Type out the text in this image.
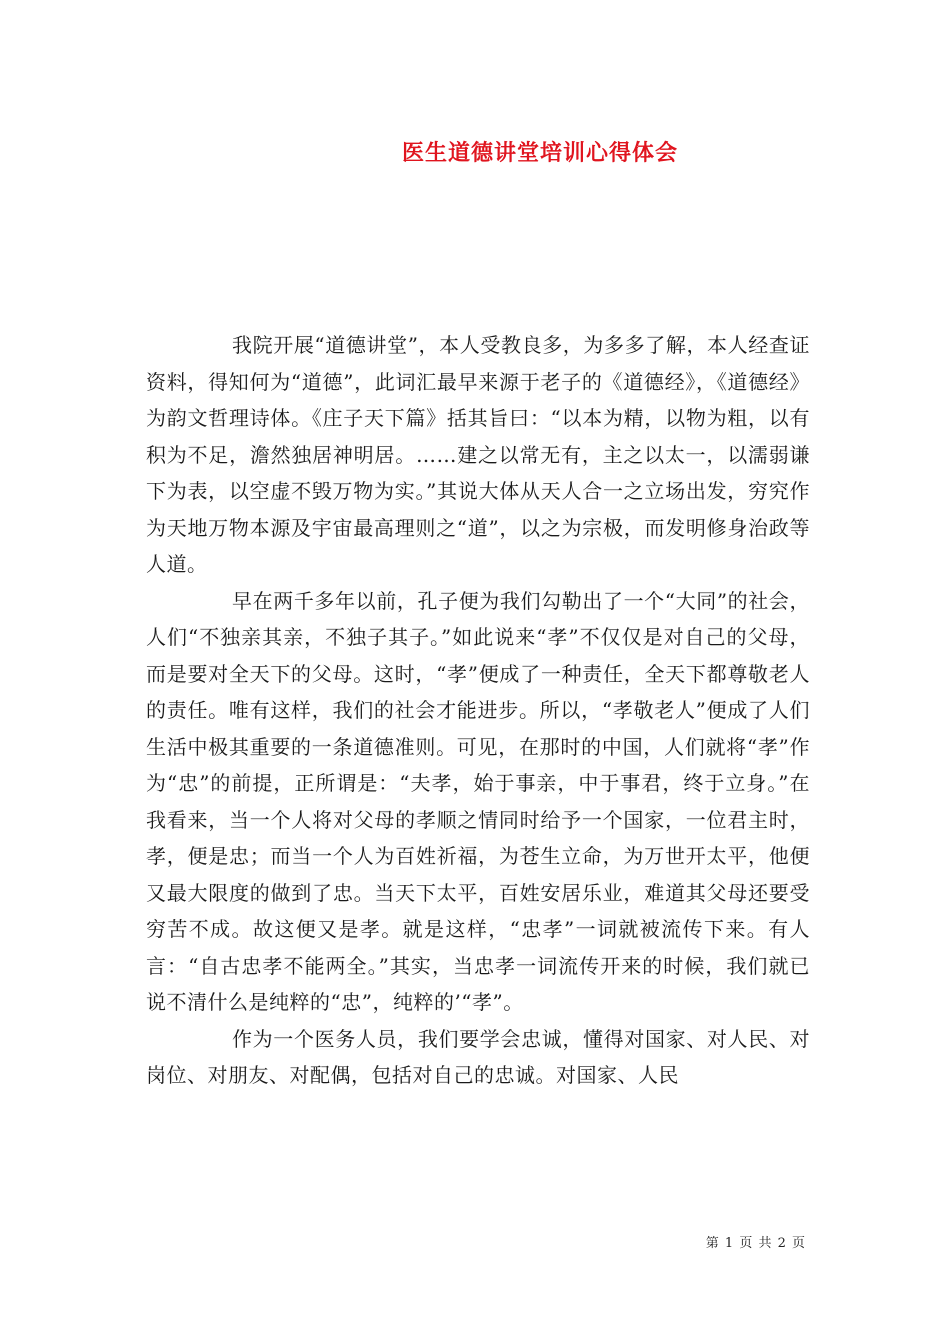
医生道德讲堂培训心得体会

我院开展“道德讲堂”，本人受教良多，为多多了解，本人经查证资料，得知何为“道德”，此词汇最早来源于老子的《道德经》，《道德经》为韵文哲理诗体。《庄子天下篇》括其旨曰：“以本为精，以物为粗，以有积为不足，澹然独居神明居。……建之以常无有，主之以太一，以濡弱谦下为表，以空虚不毁万物为实。”其说大体从天人合一之立场出发，穷究作为天地万物本源及宇宙最高理则之“道”，以之为宗极，而发明修身治政等人道。

早在两千多年以前，孔子便为我们勾勒出了一个“大同”的社会，人们“不独亲其亲，不独子其子。”如此说来“孝”不仅仅是对自己的父母，而是要对全天下的父母。这时，“孝”便成了一种责任，全天下都尊敬老人的责任。唯有这样，我们的社会才能进步。所以，“孝敬老人”便成了人们生活中极其重要的一条道德准则。可见，在那时的中国，人们就将“孝”作为“忠”的前提，正所谓是：“夫孝，始于事亲，中于事君，终于立身。”在我看来，当一个人将对父母的孝顺之情同时给予一个国家，一位君主时，孝，便是忠；而当一个人为百姓祈福，为苍生立命，为万世开太平，他便又最大限度的做到了忠。当天下太平，百姓安居乐业，难道其父母还要受穷苦不成。故这便又是孝。就是这样，“忠孝”一词就被流传下来。有人言：“自古忠孝不能两全。”其实，当忠孝一词流传开来的时候，我们就已说不清什么是纯粹的“忠”，纯粹的’“孝”。

作为一个医务人员，我们要学会忠诚，懂得对国家、对人民、对岗位、对朋友、对配偶，包括对自己的忠诚。对国家、人民

第 1 页 共 2 页
